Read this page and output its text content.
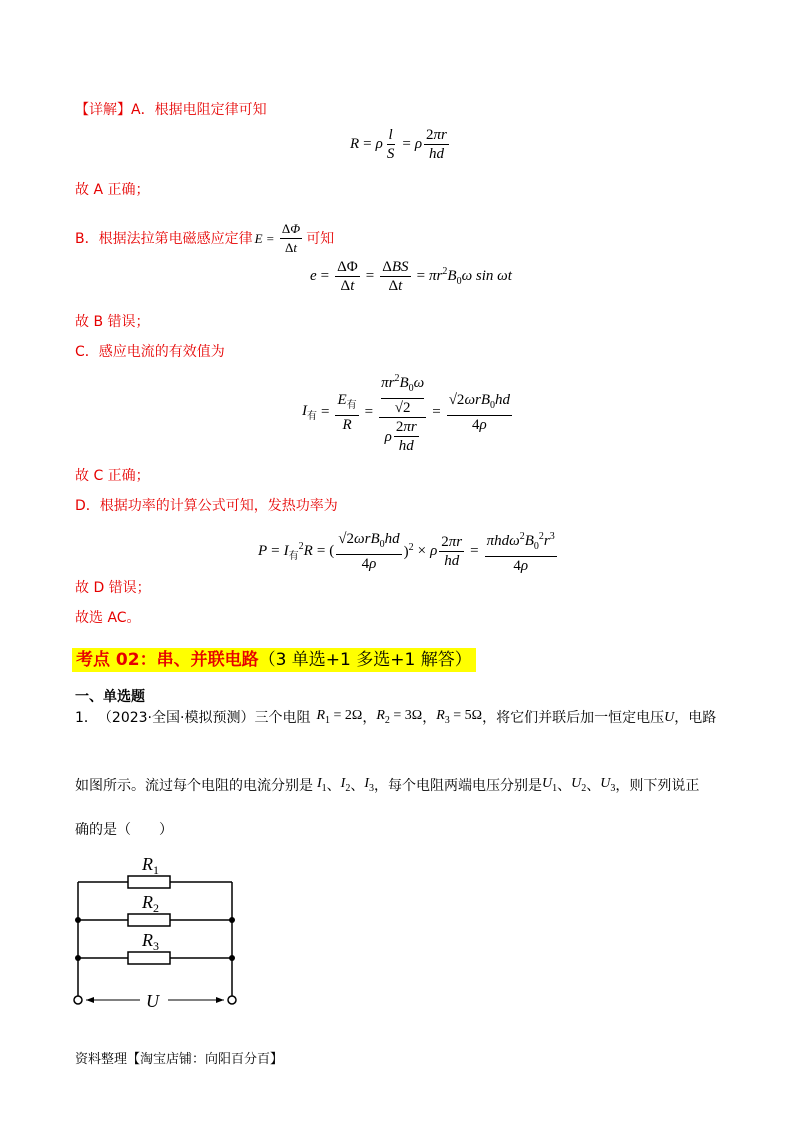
【详解】A．根据电阻定律可知
R = ρ $\frac{l}{S} = \rho \frac{2\pi r}{hd}$
故 A 正确；
B．根据法拉第电磁感应定律 $E = \frac{\Delta\Phi}{\Delta t}$ 可知
$e = \frac{\Delta\Phi}{\Delta t} = \frac{\text{ΔBS}}{\Delta t} = \pi r^2B_0\omega$ sin ωt
故 B 错误；
C．感应电流的有效值为
$I_有 = \frac{E_有}{R} = \pi r^2B_0\omega$
√2
ρ $\frac{2\pi r}{hd} = \frac{√2\omega rB_0hd}{4\rho}$
故 C 正确；
D．根据功率的计算公式可知，发热功率为
$P = I_有^2R$ = ( $\frac{√2\omega rB_0hd}{4\rho} )^2 \times \rho \frac{2\pi r}{hd} = \frac{\pi hd\omega^2B_0^2r^3}{4\rho}$
故 D 错误；
故选 AC。
考点 02：串、并联电路（3 单选+1 多选+1 解答）
一、单选题
1． （2023·全国·模拟预测）三个电阻 $R_1 = 2\Omega$ ， $R_2 = 3\Omega$ ， $R_3 = 5\Omega$ ，将它们并联后加一恒定电压 U ，电路
如图所示。流过每个电阻的电流分别是 $I_1$ 、 $I_2$ 、 $I_3$ ，每个电阻两端电压分别是 $U_1$ 、 $U_2$ 、 $U_3$ ，则下列说正
确的是（　　）
$R_1$
$R_2$
$R_3$
U
资料整理【淘宝店铺：向阳百分百】
